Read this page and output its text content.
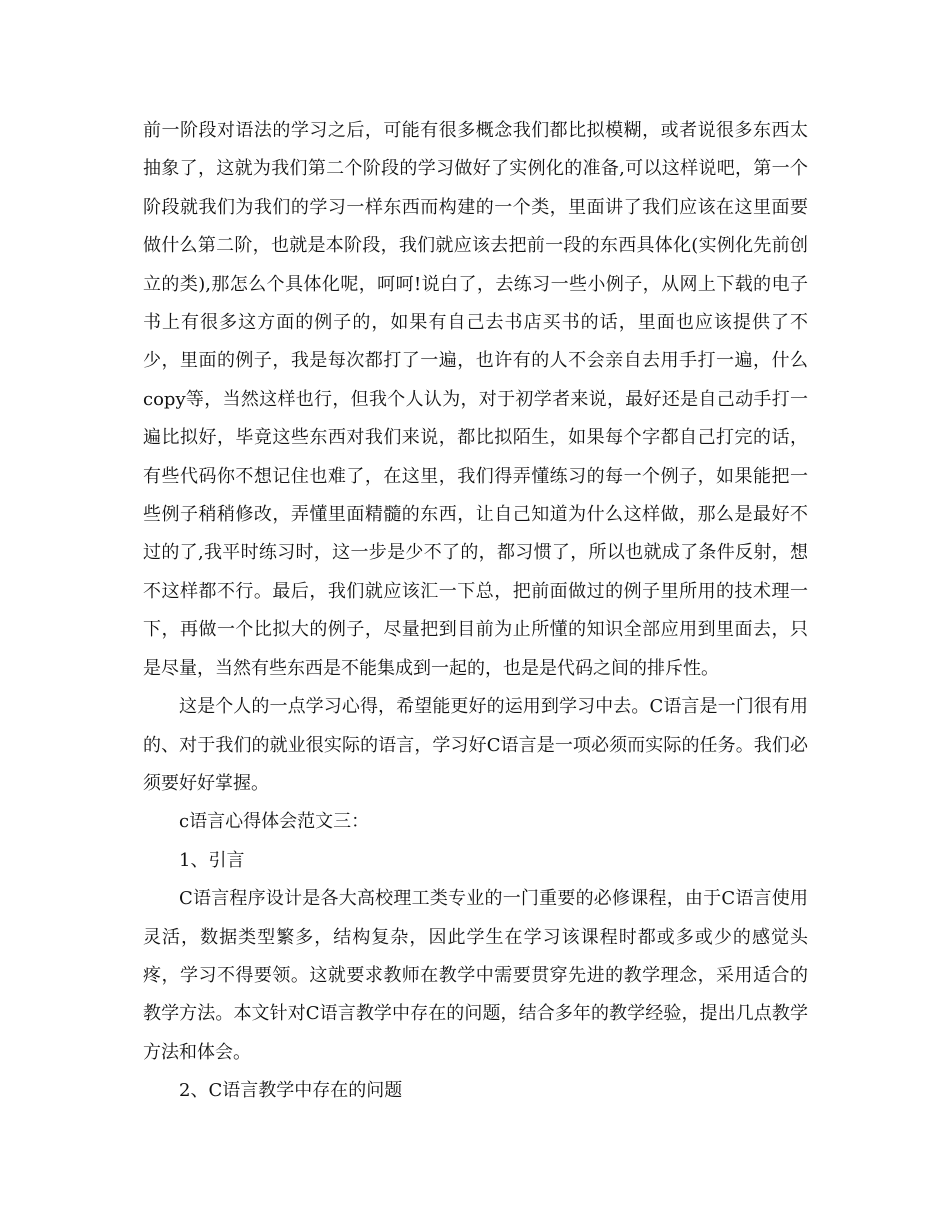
前一阶段对语法的学习之后，可能有很多概念我们都比拟模糊，或者说很多东西太抽象了，这就为我们第二个阶段的学习做好了实例化的准备,可以这样说吧，第一个阶段就我们为我们的学习一样东西而构建的一个类，里面讲了我们应该在这里面要做什么第二阶，也就是本阶段，我们就应该去把前一段的东西具体化(实例化先前创立的类),那怎么个具体化呢，呵呵!说白了，去练习一些小例子，从网上下载的电子书上有很多这方面的例子的，如果有自己去书店买书的话，里面也应该提供了不少，里面的例子，我是每次都打了一遍，也许有的人不会亲自去用手打一遍，什么copy等，当然这样也行，但我个人认为，对于初学者来说，最好还是自己动手打一遍比拟好，毕竟这些东西对我们来说，都比拟陌生，如果每个字都自己打完的话，有些代码你不想记住也难了，在这里，我们得弄懂练习的每一个例子，如果能把一些例子稍稍修改，弄懂里面精髓的东西，让自己知道为什么这样做，那么是最好不过的了,我平时练习时，这一步是少不了的，都习惯了，所以也就成了条件反射，想不这样都不行。最后，我们就应该汇一下总，把前面做过的例子里所用的技术理一下，再做一个比拟大的例子，尽量把到目前为止所懂的知识全部应用到里面去，只是尽量，当然有些东西是不能集成到一起的，也是是代码之间的排斥性。

这是个人的一点学习心得，希望能更好的运用到学习中去。C语言是一门很有用的、对于我们的就业很实际的语言，学习好C语言是一项必须而实际的任务。我们必须要好好掌握。

c语言心得体会范文三：

1、引言

C语言程序设计是各大高校理工类专业的一门重要的必修课程，由于C语言使用灵活，数据类型繁多，结构复杂，因此学生在学习该课程时都或多或少的感觉头疼，学习不得要领。这就要求教师在教学中需要贯穿先进的教学理念，采用适合的教学方法。本文针对C语言教学中存在的问题，结合多年的教学经验，提出几点教学方法和体会。

2、C语言教学中存在的问题
